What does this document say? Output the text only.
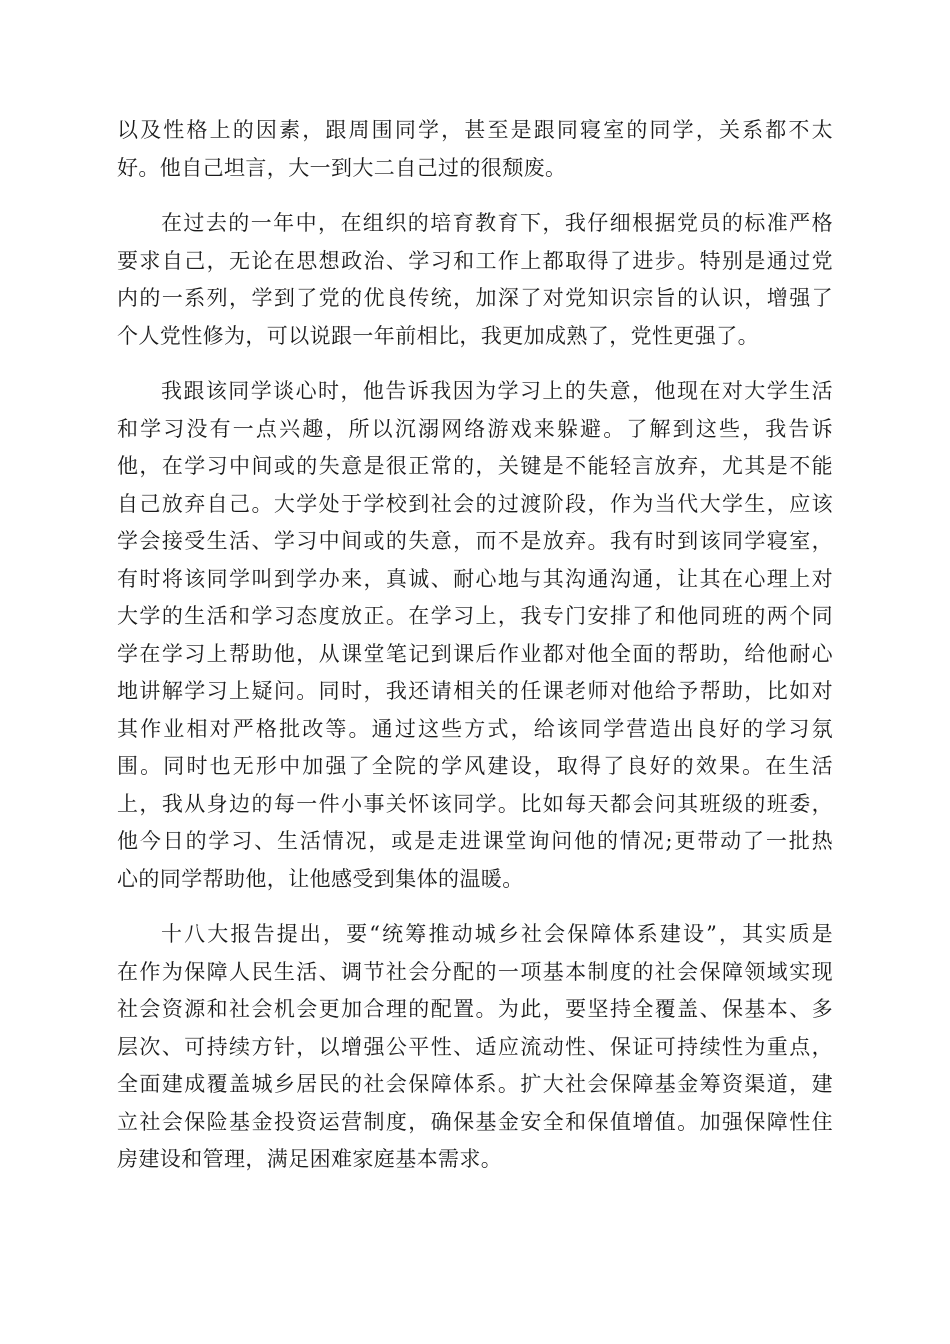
以及性格上的因素，跟周围同学，甚至是跟同寝室的同学，关系都不太
好。他自己坦言，大一到大二自己过的很颓废。

在过去的一年中，在组织的培育教育下，我仔细根据党员的标准严格
要求自己，无论在思想政治、学习和工作上都取得了进步。特别是通过党
内的一系列，学到了党的优良传统，加深了对党知识宗旨的认识，增强了
个人党性修为，可以说跟一年前相比，我更加成熟了，党性更强了。

我跟该同学谈心时，他告诉我因为学习上的失意，他现在对大学生活
和学习没有一点兴趣，所以沉溺网络游戏来躲避。了解到这些，我告诉
他，在学习中间或的失意是很正常的，关键是不能轻言放弃，尤其是不能
自己放弃自己。大学处于学校到社会的过渡阶段，作为当代大学生，应该
学会接受生活、学习中间或的失意，而不是放弃。我有时到该同学寝室，
有时将该同学叫到学办来，真诚、耐心地与其沟通沟通，让其在心理上对
大学的生活和学习态度放正。在学习上，我专门安排了和他同班的两个同
学在学习上帮助他，从课堂笔记到课后作业都对他全面的帮助，给他耐心
地讲解学习上疑问。同时，我还请相关的任课老师对他给予帮助，比如对
其作业相对严格批改等。通过这些方式，给该同学营造出良好的学习氛
围。同时也无形中加强了全院的学风建设，取得了良好的效果。在生活
上，我从身边的每一件小事关怀该同学。比如每天都会问其班级的班委，
他今日的学习、生活情况，或是走进课堂询问他的情况;更带动了一批热
心的同学帮助他，让他感受到集体的温暖。

十八大报告提出，要“统筹推动城乡社会保障体系建设”，其实质是
在作为保障人民生活、调节社会分配的一项基本制度的社会保障领域实现
社会资源和社会机会更加合理的配置。为此，要坚持全覆盖、保基本、多
层次、可持续方针，以增强公平性、适应流动性、保证可持续性为重点，
全面建成覆盖城乡居民的社会保障体系。扩大社会保障基金筹资渠道，建
立社会保险基金投资运营制度，确保基金安全和保值增值。加强保障性住
房建设和管理，满足困难家庭基本需求。
